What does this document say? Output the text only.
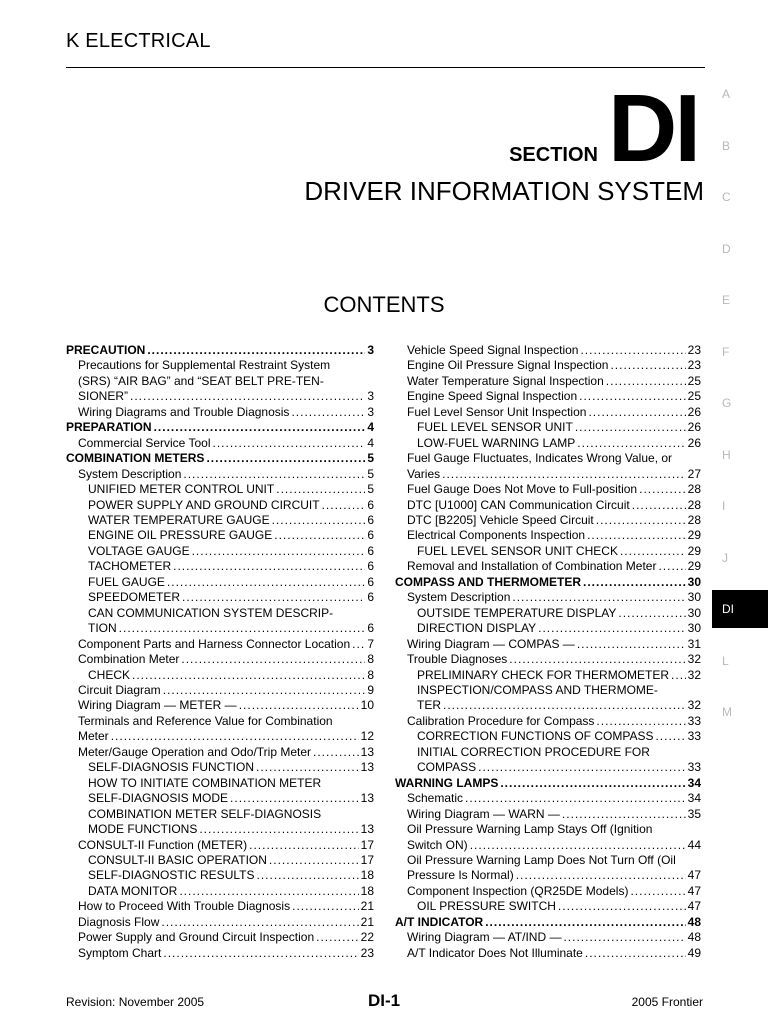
K ELECTRICAL
SECTION DI
DRIVER INFORMATION SYSTEM
CONTENTS
PRECAUTION .....	3
Precautions for Supplemental Restraint System
(SRS) “AIR BAG” and “SEAT BELT PRE-TEN-
SIONER” .....	3
Wiring Diagrams and Trouble Diagnosis .....	3
PREPARATION .....	4
Commercial Service Tool .....	4
COMBINATION METERS .....	5
System Description .....	5
UNIFIED METER CONTROL UNIT .....	5
POWER SUPPLY AND GROUND CIRCUIT .....	6
WATER TEMPERATURE GAUGE .....	6
ENGINE OIL PRESSURE GAUGE .....	6
VOLTAGE GAUGE .....	6
TACHOMETER .....	6
FUEL GAUGE .....	6
SPEEDOMETER .....	6
CAN COMMUNICATION SYSTEM DESCRIP-
TION .....	6
Component Parts and Harness Connector Location ..... 7
Combination Meter .....	8
CHECK .....	8
Circuit Diagram .....	9
Wiring Diagram — METER — .....	10
Terminals and Reference Value for Combination
Meter .....	12
Meter/Gauge Operation and Odo/Trip Meter .....	13
SELF-DIAGNOSIS FUNCTION .....	13
HOW TO INITIATE COMBINATION METER
SELF-DIAGNOSIS MODE .....	13
COMBINATION METER SELF-DIAGNOSIS
MODE FUNCTIONS .....	13
CONSULT-II Function (METER) .....	17
CONSULT-II BASIC OPERATION .....	17
SELF-DIAGNOSTIC RESULTS .....	18
DATA MONITOR .....	18
How to Proceed With Trouble Diagnosis .....	21
Diagnosis Flow .....	21
Power Supply and Ground Circuit Inspection .....	22
Symptom Chart .....	23
Vehicle Speed Signal Inspection .....	23
Engine Oil Pressure Signal Inspection .....	23
Water Temperature Signal Inspection .....	25
Engine Speed Signal Inspection .....	25
Fuel Level Sensor Unit Inspection .....	26
FUEL LEVEL SENSOR UNIT .....	26
LOW-FUEL WARNING LAMP .....	26
Fuel Gauge Fluctuates, Indicates Wrong Value, or
Varies .....	27
Fuel Gauge Does Not Move to Full-position .....	28
DTC [U1000] CAN Communication Circuit .....	28
DTC [B2205] Vehicle Speed Circuit .....	28
Electrical Components Inspection .....	29
FUEL LEVEL SENSOR UNIT CHECK .....	29
Removal and Installation of Combination Meter .....	29
COMPASS AND THERMOMETER .....	30
System Description .....	30
OUTSIDE TEMPERATURE DISPLAY .....	30
DIRECTION DISPLAY .....	30
Wiring Diagram — COMPAS — .....	31
Trouble Diagnoses .....	32
PRELIMINARY CHECK FOR THERMOMETER ..... 32
INSPECTION/COMPASS AND THERMOME-
TER .....	32
Calibration Procedure for Compass .....	33
CORRECTION FUNCTIONS OF COMPASS .....	33
INITIAL CORRECTION PROCEDURE FOR
COMPASS .....	33
WARNING LAMPS .....	34
Schematic .....	34
Wiring Diagram — WARN — .....	35
Oil Pressure Warning Lamp Stays Off (Ignition
Switch ON) .....	44
Oil Pressure Warning Lamp Does Not Turn Off (Oil
Pressure Is Normal) .....	47
Component Inspection (QR25DE Models) .....	47
OIL PRESSURE SWITCH .....	47
A/T INDICATOR .....	48
Wiring Diagram — AT/IND — .....	48
A/T Indicator Does Not Illuminate .....	49
A
B
C
D
E
F
G
H
I
J
DI
L
M
Revision: November 2005	DI-1	2005 Frontier
